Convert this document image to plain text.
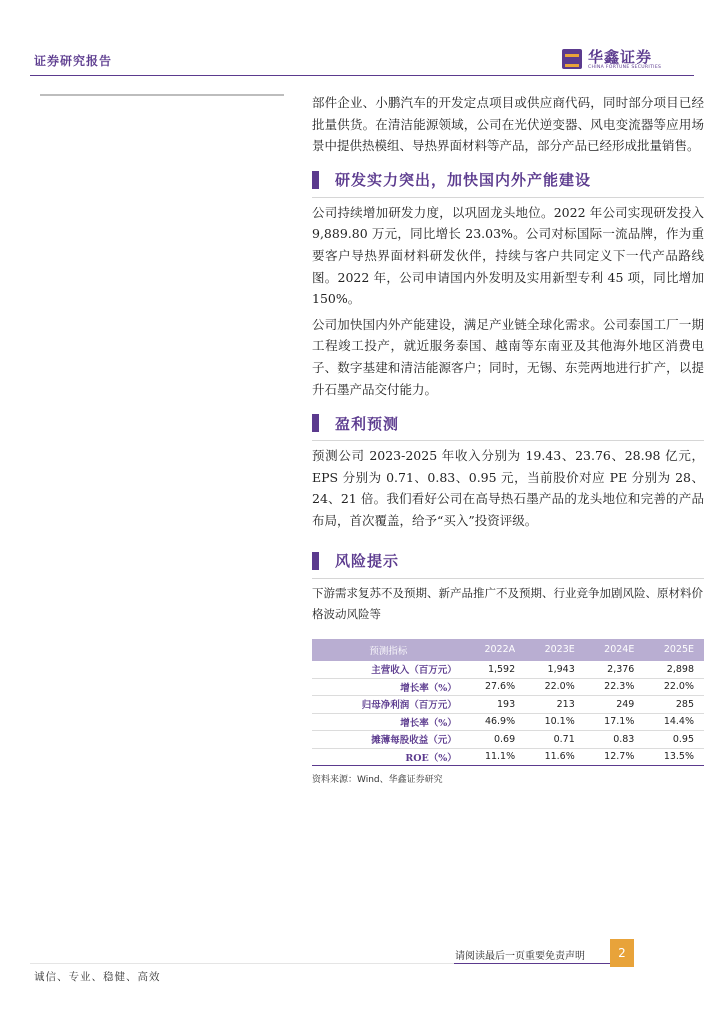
证券研究报告	华鑫证券
CHINA FORTUNE SECURITIES

部件企业、小鹏汽车的开发定点项目或供应商代码，同时部分项目已经批量供货。在清洁能源领域，公司在光伏逆变器、风电变流器等应用场景中提供热模组、导热界面材料等产品，部分产品已经形成批量销售。

研发实力突出，加快国内外产能建设

公司持续增加研发力度，以巩固龙头地位。2022 年公司实现研发投入 9,889.80 万元，同比增长 23.03%。公司对标国际一流品牌，作为重要客户导热界面材料研发伙伴，持续与客户共同定义下一代产品路线图。2022 年，公司申请国内外发明及实用新型专利 45 项，同比增加 150%。

公司加快国内外产能建设，满足产业链全球化需求。公司泰国工厂一期工程竣工投产，就近服务泰国、越南等东南亚及其他海外地区消费电子、数字基建和清洁能源客户；同时，无锡、东莞两地进行扩产，以提升石墨产品交付能力。

盈利预测

预测公司 2023-2025 年收入分别为 19.43、23.76、28.98 亿元，EPS 分别为 0.71、0.83、0.95 元，当前股价对应 PE 分别为 28、24、21 倍。我们看好公司在高导热石墨产品的龙头地位和完善的产品布局，首次覆盖，给予“买入”投资评级。

风险提示

下游需求复苏不及预期、新产品推广不及预期、行业竞争加剧风险、原材料价格波动风险等

预测指标	2022A	2023E	2024E	2025E
主营收入（百万元）	1,592	1,943	2,376	2,898
增长率（%）	27.6%	22.0%	22.3%	22.0%
归母净利润（百万元）	193	213	249	285
增长率（%）	46.9%	10.1%	17.1%	14.4%
摊薄每股收益（元）	0.69	0.71	0.83	0.95
ROE（%）	11.1%	11.6%	12.7%	13.5%
资料来源：Wind、华鑫证券研究
请阅读最后一页重要免责声明	2
诚信、专业、稳健、高效
